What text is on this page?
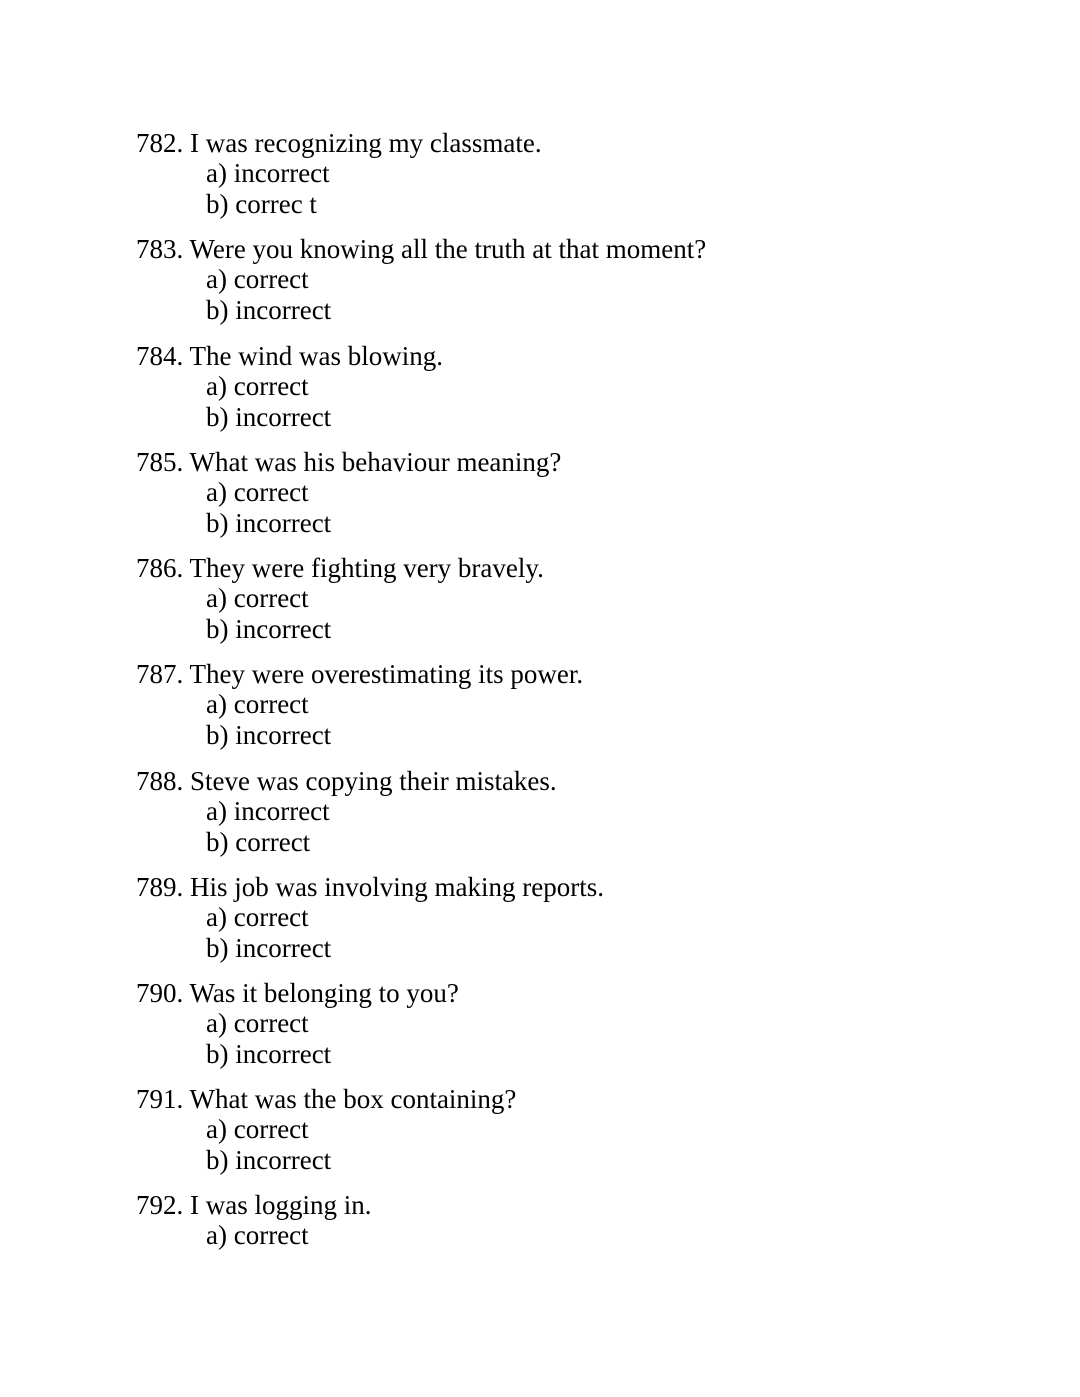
782. I was recognizing my classmate.
a) incorrect
b) correc t
783. Were you knowing all the truth at that moment?
a) correct
b) incorrect
784. The wind was blowing.
a) correct
b) incorrect
785. What was his behaviour meaning?
a) correct
b) incorrect
786. They were fighting very bravely.
a) correct
b) incorrect
787. They were overestimating its power.
a) correct
b) incorrect
788. Steve was copying their mistakes.
a) incorrect
b) correct
789. His job was involving making reports.
a) correct
b) incorrect
790. Was it belonging to you?
a) correct
b) incorrect
791. What was the box containing?
a) correct
b) incorrect
792. I was logging in.
a) correct
